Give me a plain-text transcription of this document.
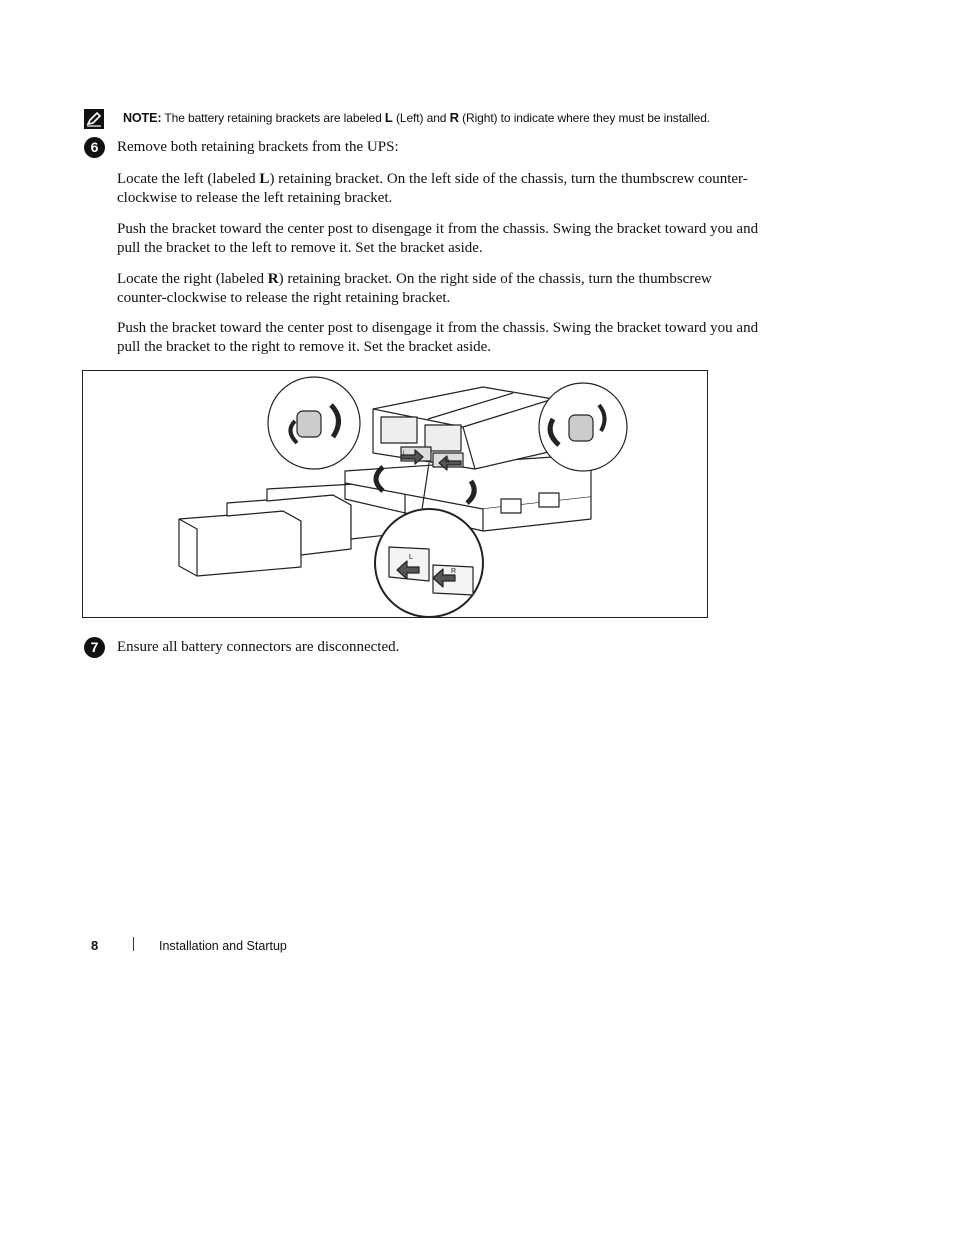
NOTE: The battery retaining brackets are labeled L (Left) and R (Right) to indicate where they must be installed.
6	Remove both retaining brackets from the UPS:
Locate the left (labeled L) retaining bracket. On the left side of the chassis, turn the thumbscrew counter-clockwise to release the left retaining bracket.
Push the bracket toward the center post to disengage it from the chassis. Swing the bracket toward you and pull the bracket to the left to remove it. Set the bracket aside.
Locate the right (labeled R) retaining bracket. On the right side of the chassis, turn the thumbscrew counter-clockwise to release the right retaining bracket.
Push the bracket toward the center post to disengage it from the chassis. Swing the bracket toward you and pull the bracket to the right to remove it. Set the bracket aside.
L
R
L
R
7	Ensure all battery connectors are disconnected.
8	Installation and Startup
